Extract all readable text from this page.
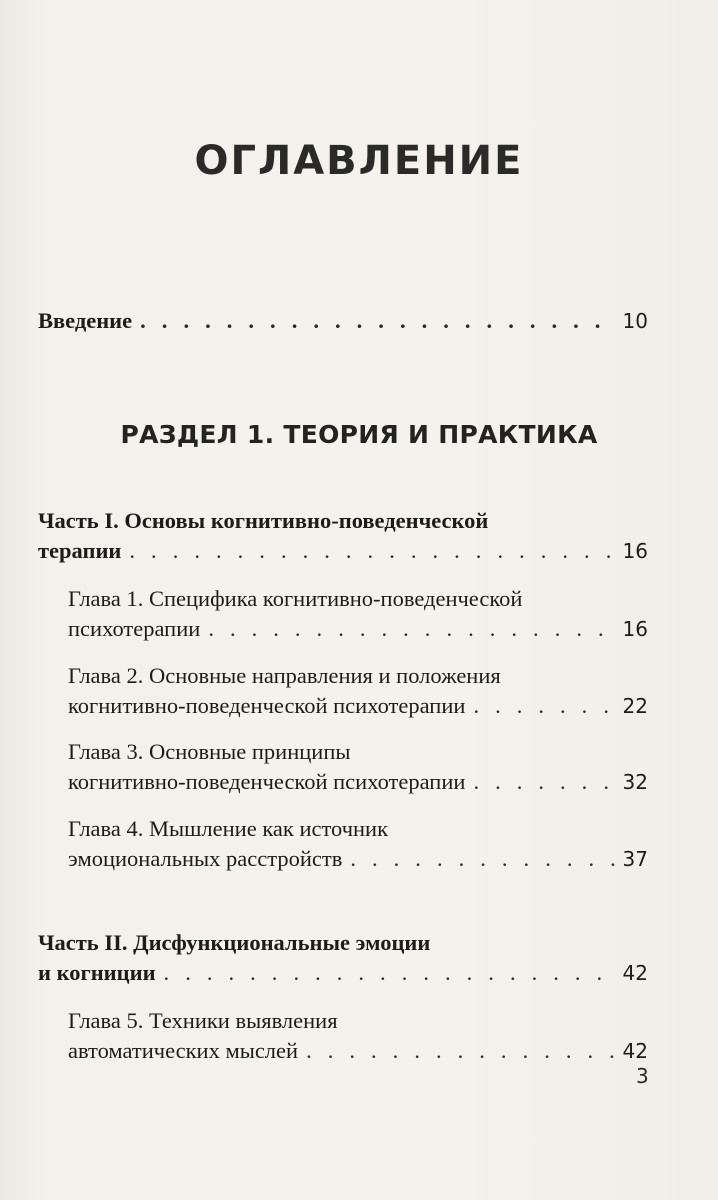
ОГЛАВЛЕНИЕ
Введение . . .	10
РАЗДЕЛ 1. ТЕОРИЯ И ПРАКТИКА
Часть I. Основы когнитивно-поведенческой
терапии . . .	16
Глава 1. Специфика когнитивно-поведенческой
психотерапии . . .	16
Глава 2. Основные направления и положения
когнитивно-поведенческой психотерапии . . .	22
Глава 3. Основные принципы
когнитивно-поведенческой психотерапии . . .	32
Глава 4. Мышление как источник
эмоциональных расстройств . . .	37
Часть II. Дисфункциональные эмоции
и когниции . . .	42
Глава 5. Техники выявления
автоматических мыслей . . .	42
3
